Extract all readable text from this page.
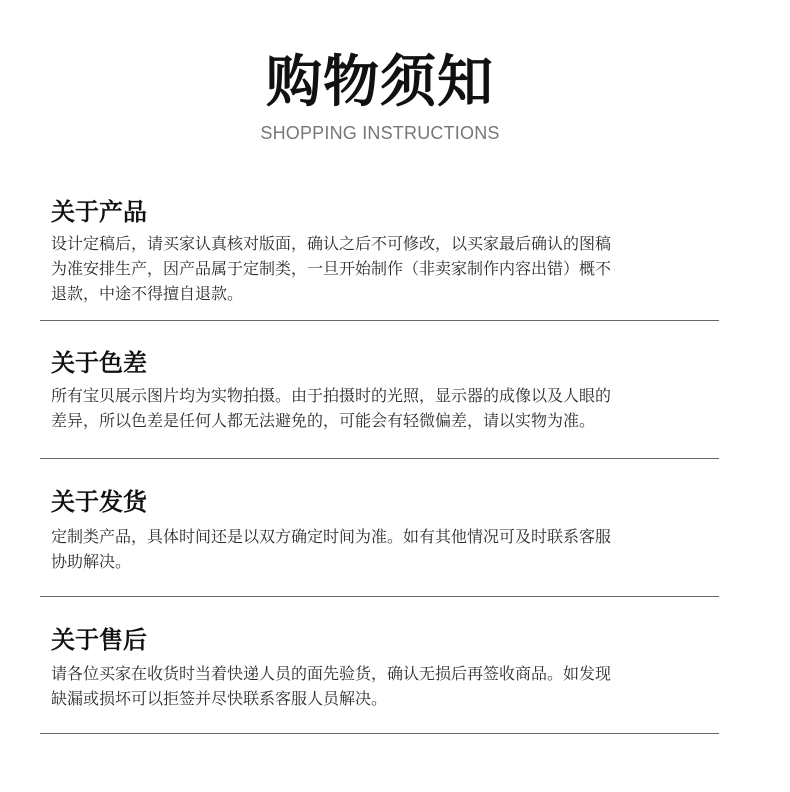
购物须知
SHOPPING INSTRUCTIONS
关于产品
设计定稿后，请买家认真核对版面，确认之后不可修改，以买家最后确认的图稿
为准安排生产，因产品属于定制类，一旦开始制作（非卖家制作内容出错）概不
退款，中途不得擅自退款。
关于色差
所有宝贝展示图片均为实物拍摄。由于拍摄时的光照，显示器的成像以及人眼的
差异，所以色差是任何人都无法避免的，可能会有轻微偏差，请以实物为准。
关于发货
定制类产品，具体时间还是以双方确定时间为准。如有其他情况可及时联系客服
协助解决。
关于售后
请各位买家在收货时当着快递人员的面先验货，确认无损后再签收商品。如发现
缺漏或损坏可以拒签并尽快联系客服人员解决。
